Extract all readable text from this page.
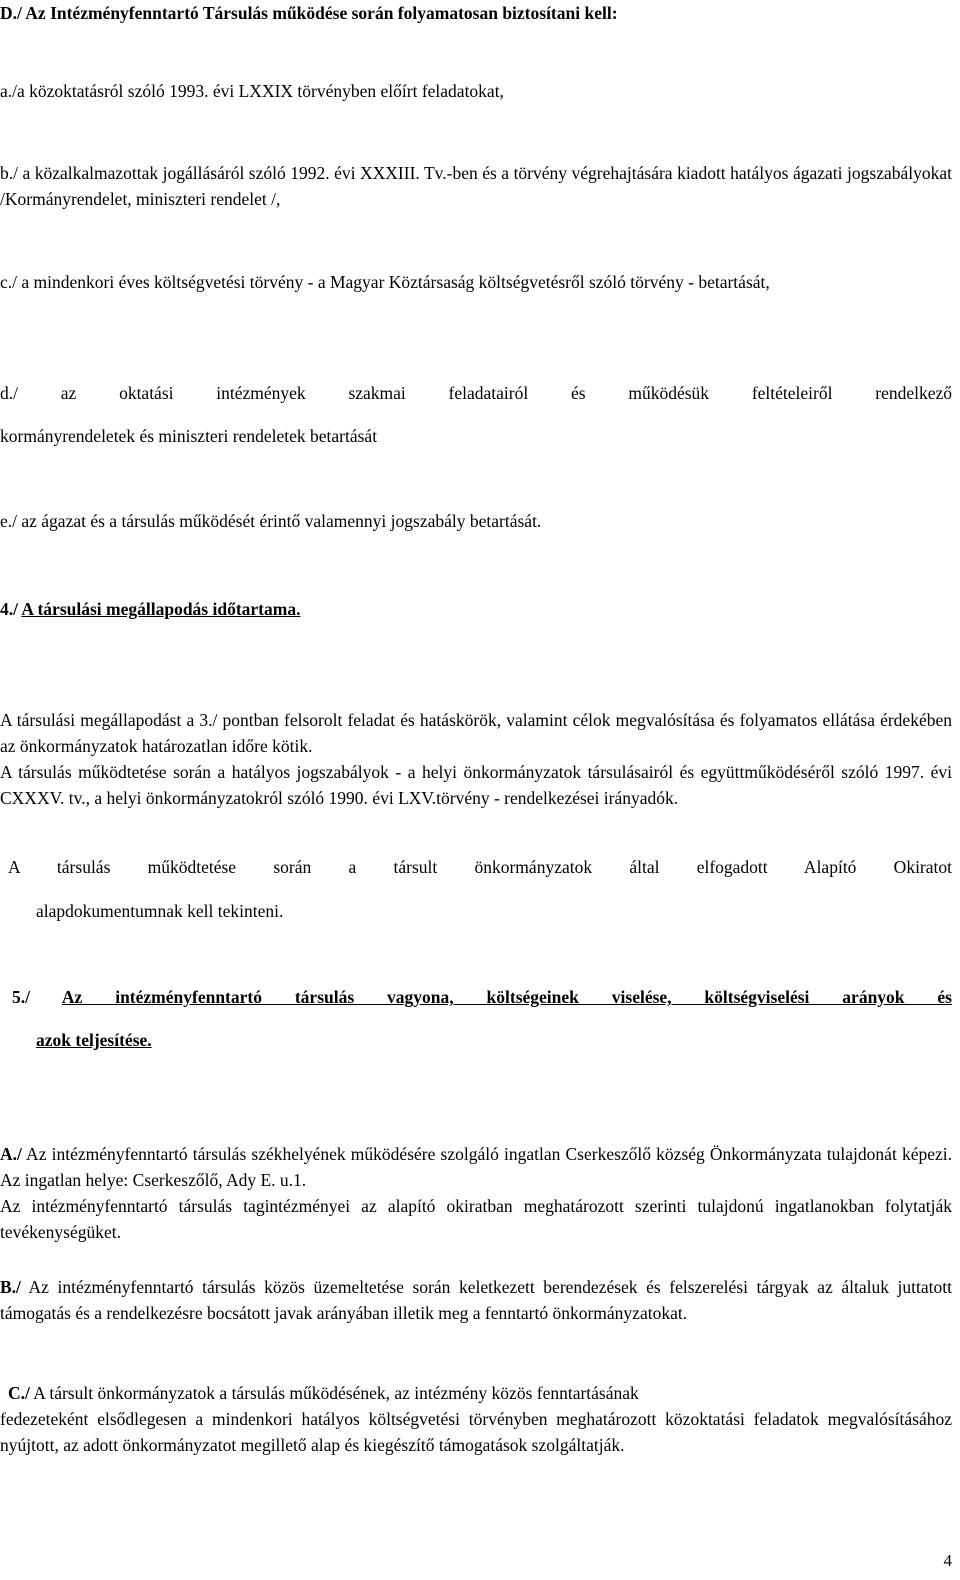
D./ Az Intézményfenntartó Társulás működése során folyamatosan biztosítani kell:

a./a közoktatásról szóló 1993. évi LXXIX törvényben előírt feladatokat,

b./ a közalkalmazottak jogállásáról szóló 1992. évi XXXIII. Tv.-ben és a törvény végrehajtására kiadott hatályos ágazati jogszabályokat /Kormányrendelet, miniszteri rendelet /,

c./ a mindenkori éves költségvetési törvény - a Magyar Köztársaság költségvetésről szóló törvény - betartását,

d./ az oktatási intézmények szakmai feladatairól és működésük feltételeiről rendelkező

kormányrendeletek és miniszteri rendeletek betartását

e./ az ágazat és a társulás működését érintő valamennyi jogszabály betartását.

4./ A társulási megállapodás időtartama.

A társulási megállapodást a 3./ pontban felsorolt feladat és hatáskörök, valamint célok megvalósítása és folyamatos ellátása érdekében az önkormányzatok határozatlan időre kötik.

A társulás működtetése során a hatályos jogszabályok - a helyi önkormányzatok társulásairól és együttműködéséről szóló 1997. évi CXXXV. tv., a helyi önkormányzatokról szóló 1990. évi LXV.törvény - rendelkezései irányadók.

A társulás működtetése során a társult önkormányzatok által elfogadott Alapító Okiratot

alapdokumentumnak kell tekinteni.

5./ Az intézményfenntartó társulás vagyona, költségeinek viselése, költségviselési arányok és

azok teljesítése.

A./ Az intézményfenntartó társulás székhelyének működésére szolgáló ingatlan Cserkeszőlő község Önkormányzata tulajdonát képezi. Az ingatlan helye: Cserkeszőlő, Ady E. u.1.

Az intézményfenntartó társulás tagintézményei az alapító okiratban meghatározott szerinti tulajdonú ingatlanokban folytatják tevékenységüket.

B./ Az intézményfenntartó társulás közös üzemeltetése során keletkezett berendezések és felszerelési tárgyak az általuk juttatott támogatás és a rendelkezésre bocsátott javak arányában illetik meg a fenntartó önkormányzatokat.

C./ A társult önkormányzatok a társulás működésének, az intézmény közös fenntartásának

fedezeteként elsődlegesen a mindenkori hatályos költségvetési törvényben meghatározott közoktatási feladatok megvalósításához nyújtott, az adott önkormányzatot megillető alap és kiegészítő támogatások szolgáltatják.

4
